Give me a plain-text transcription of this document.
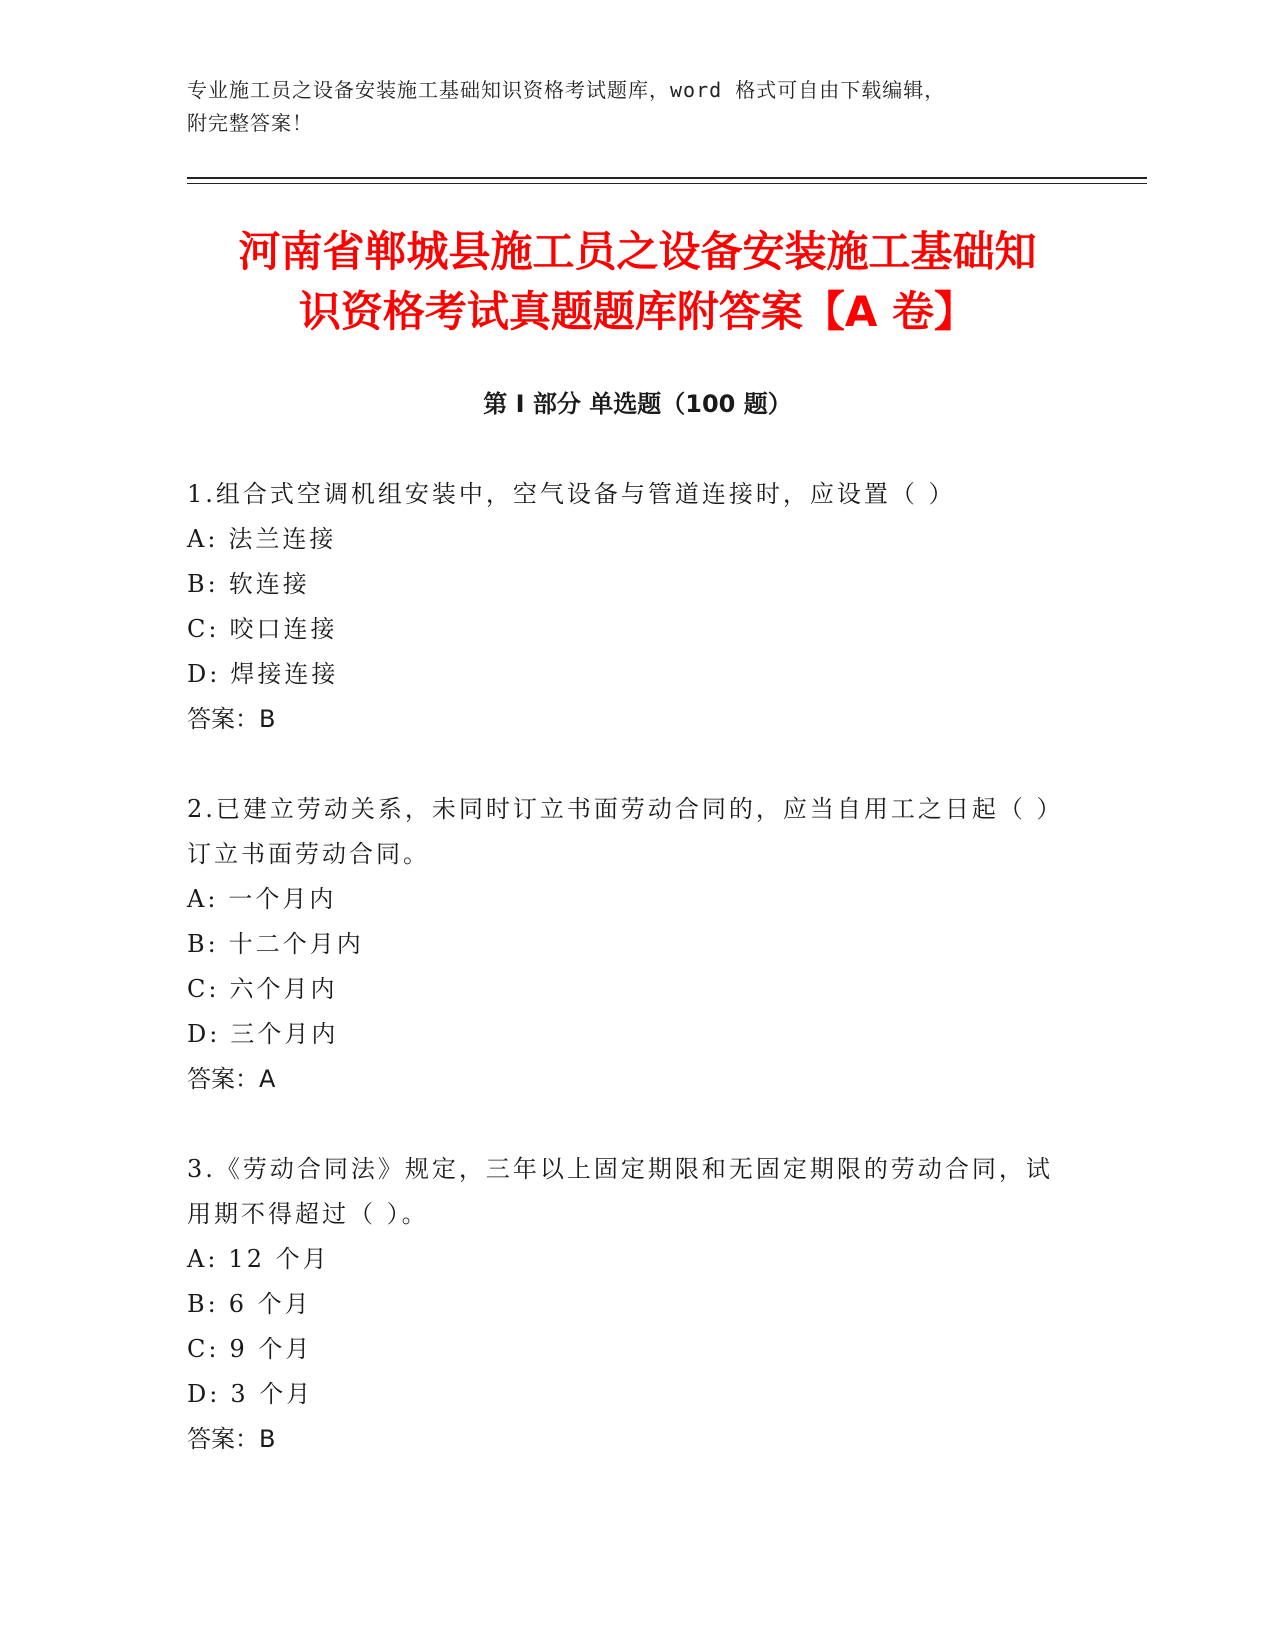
专业施工员之设备安装施工基础知识资格考试题库，word 格式可自由下载编辑，
附完整答案！
河南省郸城县施工员之设备安装施工基础知
识资格考试真题题库附答案【A 卷】
第 I 部分 单选题（100 题）
1.组合式空调机组安装中，空气设备与管道连接时，应设置（ ）
A: 法兰连接
B: 软连接
C: 咬口连接
D: 焊接连接
答案：B
2.已建立劳动关系，未同时订立书面劳动合同的，应当自用工之日起（ ）订立书面劳动合同。
A: 一个月内
B: 十二个月内
C: 六个月内
D: 三个月内
答案：A
3.《劳动合同法》规定，三年以上固定期限和无固定期限的劳动合同，试用期不得超过（ ）。
A: 12 个月
B: 6 个月
C: 9 个月
D: 3 个月
答案：B
